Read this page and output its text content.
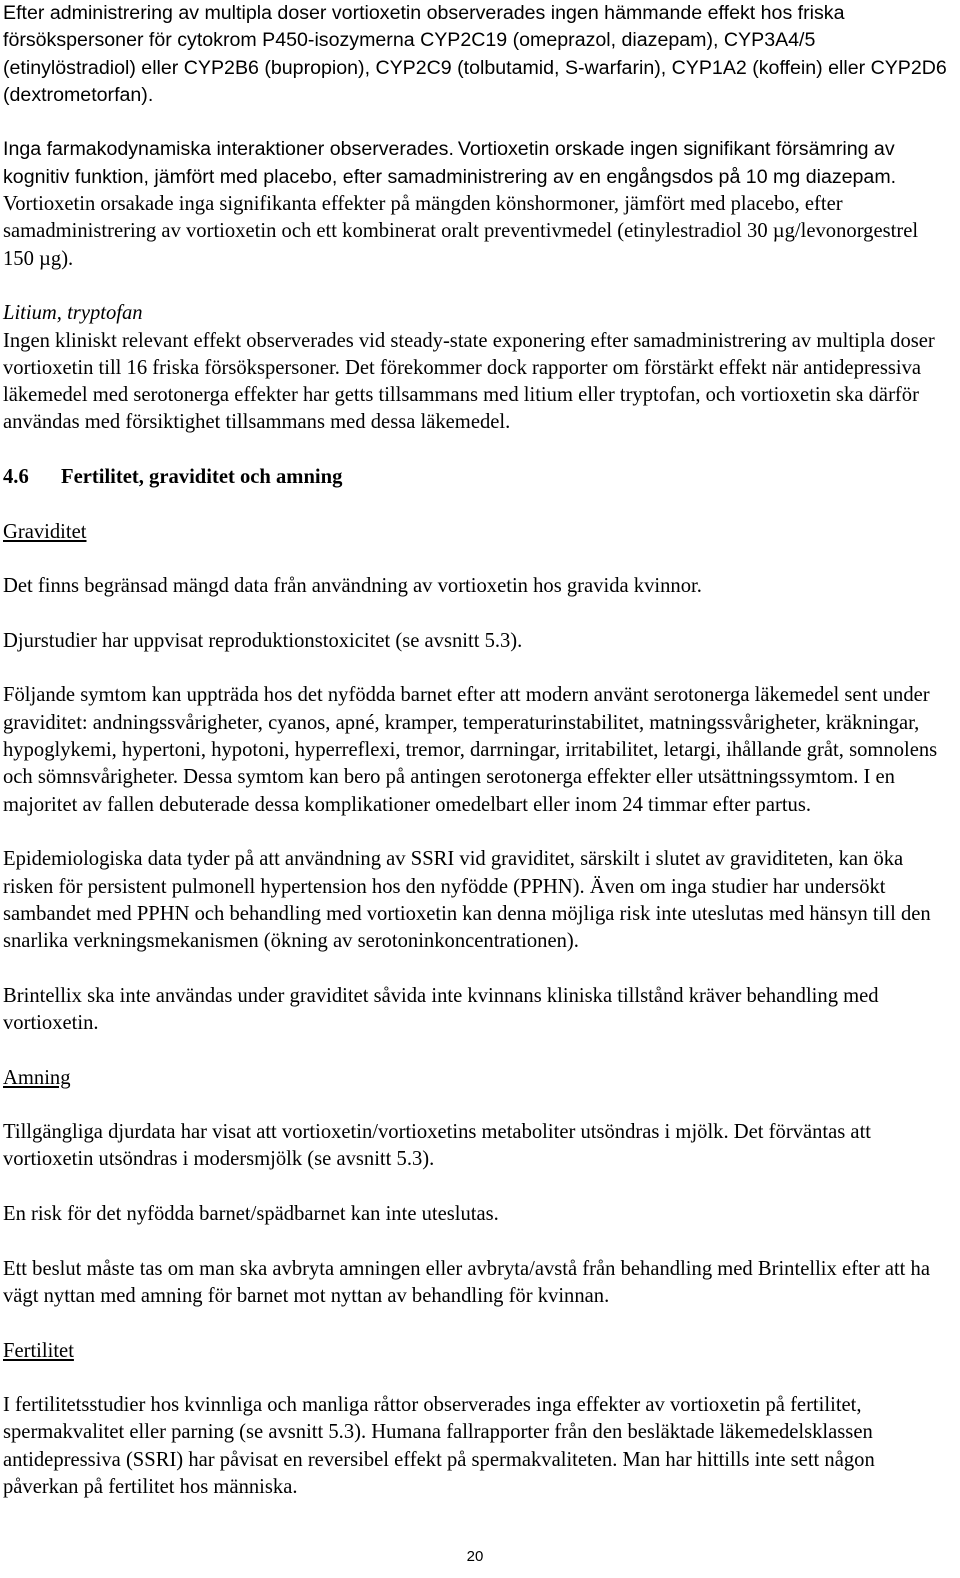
Efter administrering av multipla doser vortioxetin observerades ingen hämmande effekt hos friska försökspersoner för cytokrom P450-isozymerna CYP2C19 (omeprazol, diazepam), CYP3A4/5 (etinylöstradiol) eller CYP2B6 (bupropion), CYP2C9 (tolbutamid, S-warfarin), CYP1A2 (koffein) eller CYP2D6 (dextrometorfan).

Inga farmakodynamiska interaktioner observerades. Vortioxetin orskade ingen signifikant försämring av kognitiv funktion, jämfört med placebo, efter samadministrering av en engångsdos på 10 mg diazepam. Vortioxetin orsakade inga signifikanta effekter på mängden könshormoner, jämfört med placebo, efter samadministrering av vortioxetin och ett kombinerat oralt preventivmedel (etinylestradiol 30 µg/levonorgestrel 150 µg).

Litium, tryptofan

Ingen kliniskt relevant effekt observerades vid steady-state exponering efter samadministrering av multipla doser vortioxetin till 16 friska försökspersoner. Det förekommer dock rapporter om förstärkt effekt när antidepressiva läkemedel med serotonerga effekter har getts tillsammans med litium eller tryptofan, och vortioxetin ska därför användas med försiktighet tillsammans med dessa läkemedel.

4.6 Fertilitet, graviditet och amning

Graviditet

Det finns begränsad mängd data från användning av vortioxetin hos gravida kvinnor.

Djurstudier har uppvisat reproduktionstoxicitet (se avsnitt 5.3).

Följande symtom kan uppträda hos det nyfödda barnet efter att modern använt serotonerga läkemedel sent under graviditet: andningssvårigheter, cyanos, apné, kramper, temperaturinstabilitet, matningssvårigheter, kräkningar, hypoglykemi, hypertoni, hypotoni, hyperreflexi, tremor, darrningar, irritabilitet, letargi, ihållande gråt, somnolens och sömnsvårigheter. Dessa symtom kan bero på antingen serotonerga effekter eller utsättningssymtom. I en majoritet av fallen debuterade dessa komplikationer omedelbart eller inom 24 timmar efter partus.

Epidemiologiska data tyder på att användning av SSRI vid graviditet, särskilt i slutet av graviditeten, kan öka risken för persistent pulmonell hypertension hos den nyfödde (PPHN). Även om inga studier har undersökt sambandet med PPHN och behandling med vortioxetin kan denna möjliga risk inte uteslutas med hänsyn till den snarlika verkningsmekanismen (ökning av serotoninkoncentrationen).

Brintellix ska inte användas under graviditet såvida inte kvinnans kliniska tillstånd kräver behandling med vortioxetin.

Amning

Tillgängliga djurdata har visat att vortioxetin/vortioxetins metaboliter utsöndras i mjölk. Det förväntas att vortioxetin utsöndras i modersmjölk (se avsnitt 5.3).

En risk för det nyfödda barnet/spädbarnet kan inte uteslutas.

Ett beslut måste tas om man ska avbryta amningen eller avbryta/avstå från behandling med Brintellix efter att ha vägt nyttan med amning för barnet mot nyttan av behandling för kvinnan.

Fertilitet

I fertilitetsstudier hos kvinnliga och manliga råttor observerades inga effekter av vortioxetin på fertilitet, spermakvalitet eller parning (se avsnitt 5.3). Humana fallrapporter från den besläktade läkemedelsklassen antidepressiva (SSRI) har påvisat en reversibel effekt på spermakvaliteten. Man har hittills inte sett någon påverkan på fertilitet hos människa.

20
